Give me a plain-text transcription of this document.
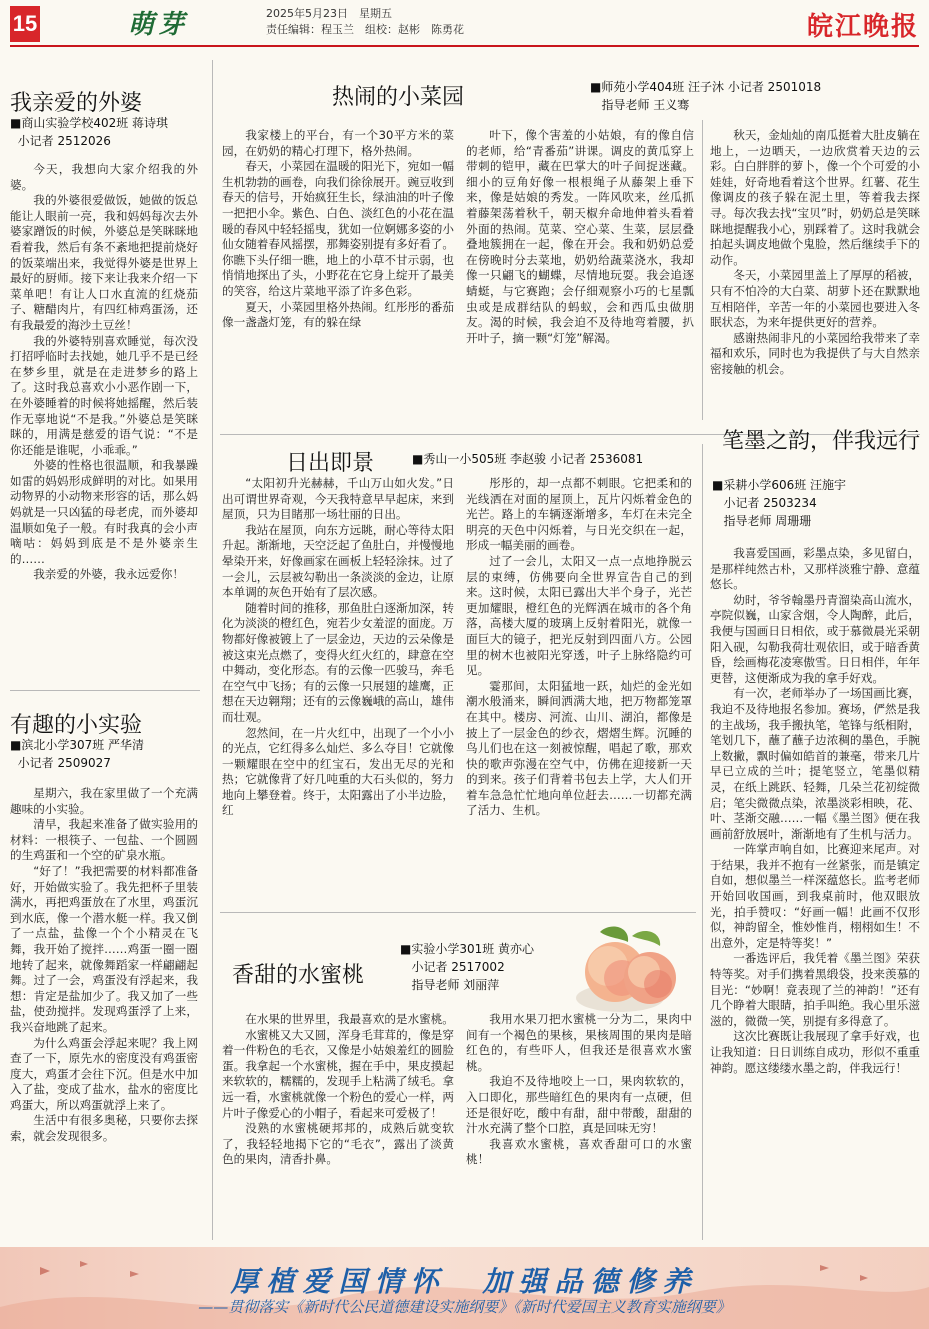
15	萌芽	2025年5月23日　星期五
责任编辑：程玉兰　组校：赵彬　陈勇花	皖江晚报
我亲爱的外婆
■商山实验学校402班 蒋诗琪
小记者 2512026

今天，我想向大家介绍我的外婆。

我的外婆很爱做饭，她做的饭总能让人眼前一亮，我和妈妈每次去外婆家蹭饭的时候，外婆总是笑眯眯地看着我，然后有条不紊地把提前烧好的饭菜端出来，我觉得外婆是世界上最好的厨师。接下来让我来介绍一下菜单吧！有让人口水直流的红烧茄子、糖醋肉片，有四红柿鸡蛋汤，还有我最爱的海沙土豆丝！

我的外婆特别喜欢睡觉，每次没打招呼临时去找她，她几乎不是已经在梦乡里，就是在走进梦乡的路上了。这时我总喜欢小小恶作剧一下，在外婆睡着的时候将她摇醒，然后装作无辜地说“不是我。”外婆总是笑眯眯的，用满是慈爱的语气说：“不是你还能是谁呢，小乖乖。”

外婆的性格也很温顺，和我暴躁如雷的妈妈形成鲜明的对比。如果用动物界的小动物来形容的话，那么妈妈就是一只凶猛的母老虎，而外婆却温顺如兔子一般。有时我真的会小声嘀咕：妈妈到底是不是外婆亲生的……

我亲爱的外婆，我永远爱你！

有趣的小实验
■滨北小学307班 严华清
小记者 2509027

星期六，我在家里做了一个充满趣味的小实验。

清早，我起来准备了做实验用的材料：一根筷子、一包盐、一个圆圆的生鸡蛋和一个空的矿泉水瓶。

“好了！”我把需要的材料都准备好，开始做实验了。我先把杯子里装满水，再把鸡蛋放在了水里，鸡蛋沉到水底，像一个潜水艇一样。我又倒了一点盐，盐像一个个小精灵在飞舞，我开始了搅拌……鸡蛋一圈一圈地转了起来，就像舞蹈家一样翩翩起舞。过了一会，鸡蛋没有浮起来，我想：肯定是盐加少了。我又加了一些盐，使劲搅拌。发现鸡蛋浮了上来，我兴奋地跳了起来。

为什么鸡蛋会浮起来呢？我上网查了一下，原先水的密度没有鸡蛋密度大，鸡蛋才会往下沉。但是水中加入了盐，变成了盐水，盐水的密度比鸡蛋大，所以鸡蛋就浮上来了。

生活中有很多奥秘，只要你去探索，就会发现很多。

热闹的小菜园	■师苑小学404班 汪子沐 小记者 2501018
指导老师 王义骞

我家楼上的平台，有一个30平方米的菜园，在奶奶的精心打理下，格外热闹。

春天，小菜园在温暖的阳光下，宛如一幅生机勃勃的画卷，向我们徐徐展开。豌豆收到春天的信号，开始疯狂生长，绿油油的叶子像一把把小伞。紫色、白色、淡红色的小花在温暖的春风中轻轻摇曳，犹如一位婀娜多姿的小仙女随着春风摇摆，那舞姿别提有多好看了。你瞧下头仔细一瞧，地上的小草不甘示弱，也悄悄地探出了头，小野花在它身上绽开了最美的笑容，给这片菜地平添了许多色彩。

夏天，小菜园里格外热闹。红彤彤的番茄像一盏盏灯笼，有的躲在绿

叶下，像个害羞的小姑娘，有的像自信的老师，给“青番茄”讲课。调皮的黄瓜穿上带刺的铠甲，藏在巴掌大的叶子间捉迷藏。细小的豆角好像一根根绳子从藤架上垂下来，像是姑娘的秀发。一阵风吹来，丝瓜抓着藤架荡着秋千，朝天椒弁命地伸着头看着外面的热闹。苋菜、空心菜、生菜，层层叠叠地簇拥在一起，像在开会。我和奶奶总爱在傍晚时分去菜地，奶奶给蔬菜浇水，我却像一只翩飞的蝴蝶，尽情地玩耍。我会追逐蜻蜓，与它赛跑；会仔细观察小巧的七星瓢虫或是成群结队的蚂蚁，会和西瓜虫做朋友。渴的时候，我会迫不及待地弯着腰，扒开叶子，摘一颗“灯笼”解渴。

秋天，金灿灿的南瓜挺着大肚皮躺在地上，一边晒天，一边欣赏着天边的云彩。白白胖胖的萝卜，像一个个可爱的小娃娃，好奇地看着这个世界。红薯、花生像调皮的孩子躲在泥土里，等着我去探寻。每次我去找“宝贝”时，奶奶总是笑眯眯地提醒我小心，别踩着了。这时我就会拍起头调皮地做个鬼脸，然后继续手下的动作。

冬天，小菜园里盖上了厚厚的稻被，只有不怕冷的大白菜、胡萝卜还在默默地互相陪伴，辛苦一年的小菜园也要进入冬眠状态，为来年提供更好的营养。

感谢热闹非凡的小菜园给我带来了幸福和欢乐，同时也为我提供了与大自然亲密接触的机会。

日出即景	■秀山一小505班 李赵骏 小记者 2536081

“太阳初升光赫赫，千山万山如火发。”日出可谓世界奇观，今天我特意早早起床，来到屋顶，只为目睹那一场壮丽的日出。

我站在屋顶，向东方远眺，耐心等待太阳升起。渐渐地，天空泛起了鱼肚白，并慢慢地晕染开来，好像画家在画板上轻轻涂抹。过了一会儿，云层被勾勒出一条淡淡的金边，让原本单调的灰色开始有了层次感。

随着时间的推移，那鱼肚白逐渐加深，转化为淡淡的橙红色，宛若少女羞涩的面庞。万物都好像被镀上了一层金边，天边的云朵像是被这束光点燃了，变得火红火红的，肆意在空中舞动，变化形态。有的云像一匹骏马，奔毛在空气中飞扬；有的云像一只展翅的雄鹰，正想在天边翱翔；还有的云像巍峨的高山，雄伟而壮观。

忽然间，在一片火红中，出现了一个小小的光点，它红得多么灿烂、多么夺目！它就像一颗耀眼在空中的红宝石，发出无尽的光和热；它就像背了好几吨重的大石头似的，努力地向上攀登着。终于，太阳露出了小半边脸，红

彤彤的，却一点都不刺眼。它把柔和的光线洒在对面的屋顶上，瓦片闪烁着金色的光芒。路上的车辆逐渐增多，车灯在未完全明亮的天色中闪烁着，与日光交织在一起，形成一幅美丽的画卷。

过了一会儿，太阳又一点一点地挣脱云层的束缚，仿佛要向全世界宣告自己的到来。这时候，太阳已露出大半个身子，光芒更加耀眼，橙红色的光辉洒在城市的各个角落，高楼大厦的玻璃上反射着阳光，就像一面巨大的镜子，把光反射到四面八方。公园里的树木也被阳光穿透，叶子上脉络隐约可见。

霎那间，太阳猛地一跃，灿烂的金光如潮水般涌来，瞬间洒满大地，把万物都笼罩在其中。楼房、河流、山川、湖泊，都像是披上了一层金色的纱衣，熠熠生辉。沉睡的鸟儿们也在这一刻被惊醒，唱起了歌，那欢快的歌声弥漫在空气中，仿佛在迎接新一天的到来。孩子们背着书包去上学，大人们开着车急急忙忙地向单位赶去……一切都充满了活力、生机。

香甜的水蜜桃
■实验小学301班 黄亦心
小记者 2517002
指导老师 刘丽萍

在水果的世界里，我最喜欢的是水蜜桃。

水蜜桃又大又圆，浑身毛茸茸的，像是穿着一件粉色的毛衣，又像是小姑娘羞红的圆脸蛋。我拿起一个水蜜桃，握在手中，果皮摸起来软软的，糯糯的，发现手上粘满了绒毛。拿远一看，水蜜桃就像一个粉色的爱心一样，两片叶子像爱心的小帽子，看起来可爱极了！

没熟的水蜜桃硬邦邦的，成熟后就变软了，我轻轻地揭下它的“毛衣”，露出了淡黄色的果肉，清香扑鼻。

我用水果刀把水蜜桃一分为二，果肉中间有一个褐色的果核，果核周围的果肉是暗红色的，有些吓人，但我还是很喜欢水蜜桃。

我迫不及待地咬上一口，果肉软软的，入口即化，那些暗红色的果肉有一点硬，但还是很好吃，酸中有甜，甜中带酸，甜甜的汁水充满了整个口腔，真是回味无穷！

我喜欢水蜜桃，喜欢香甜可口的水蜜桃！

笔墨之韵，伴我远行
■采耕小学606班 汪施宇
小记者 2503234
指导老师 周珊珊

我喜爱国画，彩墨点染，多见留白，是那样纯然古朴，又那样淡雅宁静、意蕴悠长。

幼时，爷爷翰墨丹青溜染高山流水，亭院似巍，山家含烟，令人陶醉，此后，我便与国画日日相依，或于慕微晨光采朝阳入砚，勾勒我荷壮观依旧，或于暗香黄昏，绘画梅花凌寒傲雪。日日相伴，年年更替，这便渐成为我的拿手好戏。

有一次，老师举办了一场国画比赛，我迫不及待地报名参加。赛场，俨然是我的主战场，我手搬执笔，笔锋与纸相附，笔划几下，蘸了蘸子边浓稠的墨色，手腕上数撇，飘时偏如皓首的兼毫，带来几片早已立成的兰叶；提笔竖立，笔墨似精灵，在纸上跳跃、轻舞，几朵兰花初绽微启；笔尖微微点染，浓墨淡彩相映，花、叶、茎渐交融……一幅《墨兰图》便在我画前舒放展叶，渐渐地有了生机与活力。

一阵掌声响自如，比赛迎来尾声。对于结果，我并不抱有一丝紧张，而是镇定自如，想似墨兰一样深蕴悠长。监考老师开始回收国画，到我桌前时，他双眼放光，拍手赞叹：“好画一幅！此画不仅形似，神韵留全，惟妙惟肖，栩栩如生！不出意外，定是特等奖！”

一番选评后，我凭着《墨兰图》荣获特等奖。对手们携着黑缎袋，投来羡慕的目光：“妙啊！竟表现了兰的神韵！”还有几个睁着大眼睛，拍手叫绝。我心里乐滋滋的，微微一笑，别提有多得意了。

这次比赛既让我展现了拿手好戏，也让我知道：日日训练自成功，形似不重重神韵。愿这缕缕水墨之韵，伴我远行！

厚植爱国情怀　加强品德修养
——贯彻落实《新时代公民道德建设实施纲要》《新时代爱国主义教育实施纲要》
